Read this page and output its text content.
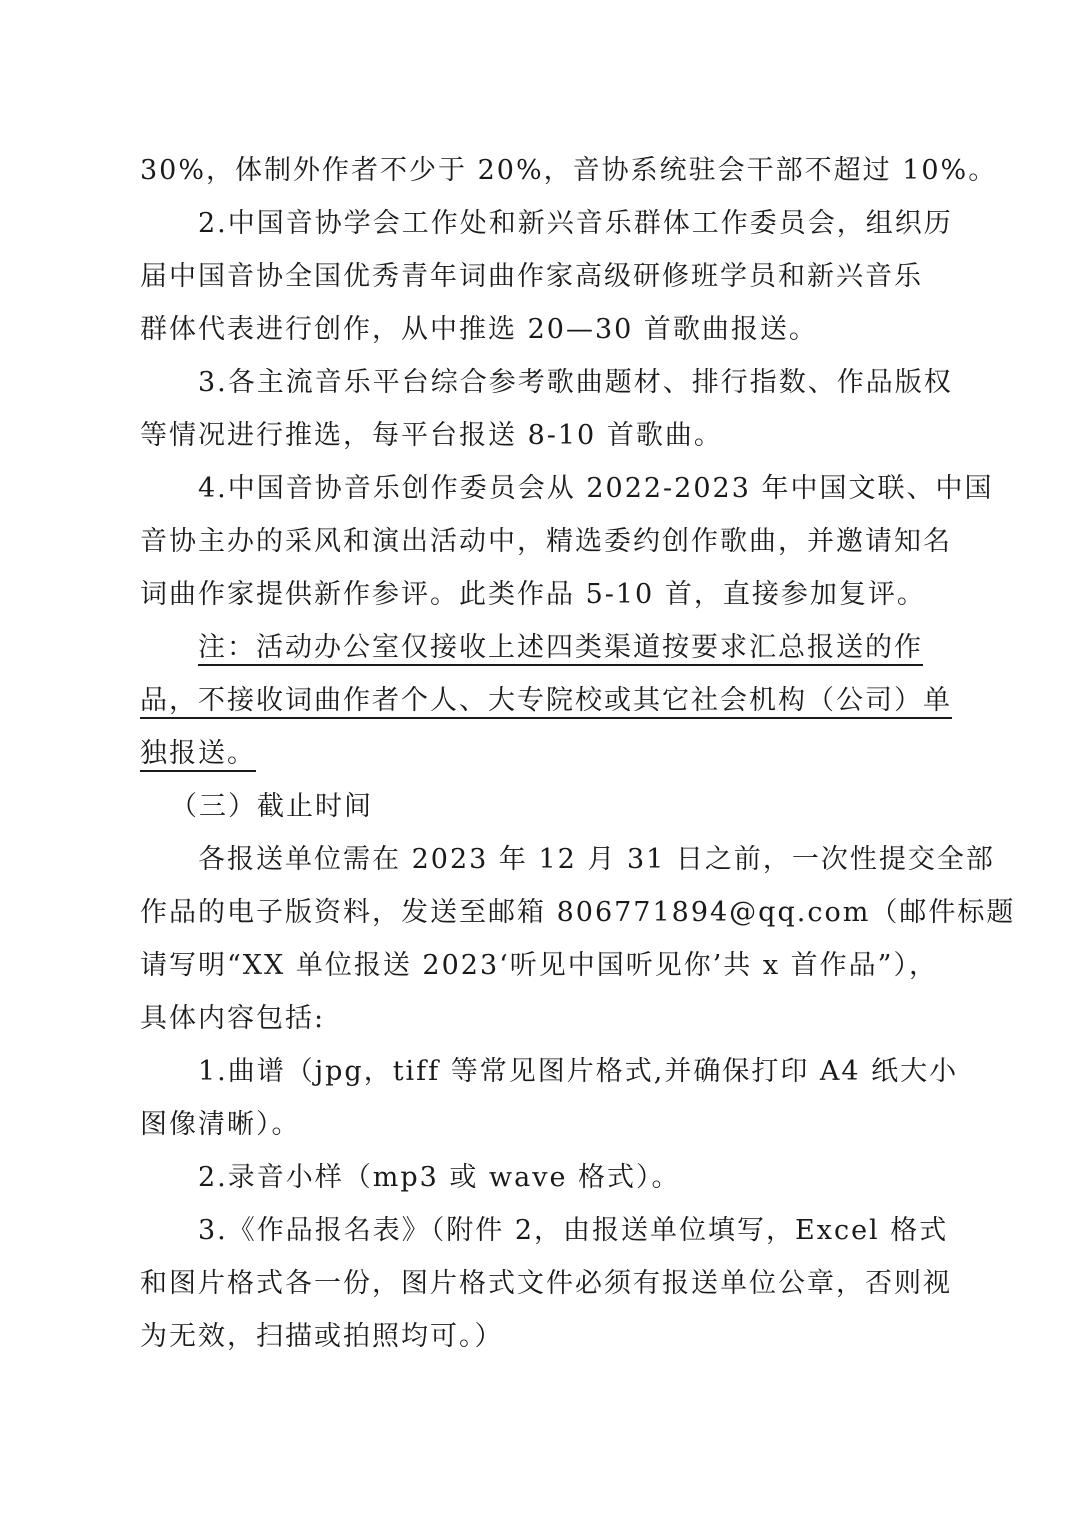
30%，体制外作者不少于 20%，音协系统驻会干部不超过 10%。
2.中国音协学会工作处和新兴音乐群体工作委员会，组织历
届中国音协全国优秀青年词曲作家高级研修班学员和新兴音乐
群体代表进行创作，从中推选 20—30 首歌曲报送。
3.各主流音乐平台综合参考歌曲题材、排行指数、作品版权
等情况进行推选，每平台报送 8-10 首歌曲。
4.中国音协音乐创作委员会从 2022-2023 年中国文联、中国
音协主办的采风和演出活动中，精选委约创作歌曲，并邀请知名
词曲作家提供新作参评。此类作品 5-10 首，直接参加复评。
注：活动办公室仅接收上述四类渠道按要求汇总报送的作
品，不接收词曲作者个人、大专院校或其它社会机构（公司）单
独报送。
（三）截止时间
各报送单位需在 2023 年 12 月 31 日之前，一次性提交全部
作品的电子版资料，发送至邮箱 806771894@qq.com（邮件标题
请写明“XX 单位报送 2023‘听见中国听见你’共 x 首作品”），
具体内容包括:
1.曲谱（jpg，tiff 等常见图片格式,并确保打印 A4 纸大小
图像清晰）。
2.录音小样（mp3 或 wave 格式）。
3.《作品报名表》（附件 2，由报送单位填写，Excel 格式
和图片格式各一份，图片格式文件必须有报送单位公章，否则视
为无效，扫描或拍照均可。）
